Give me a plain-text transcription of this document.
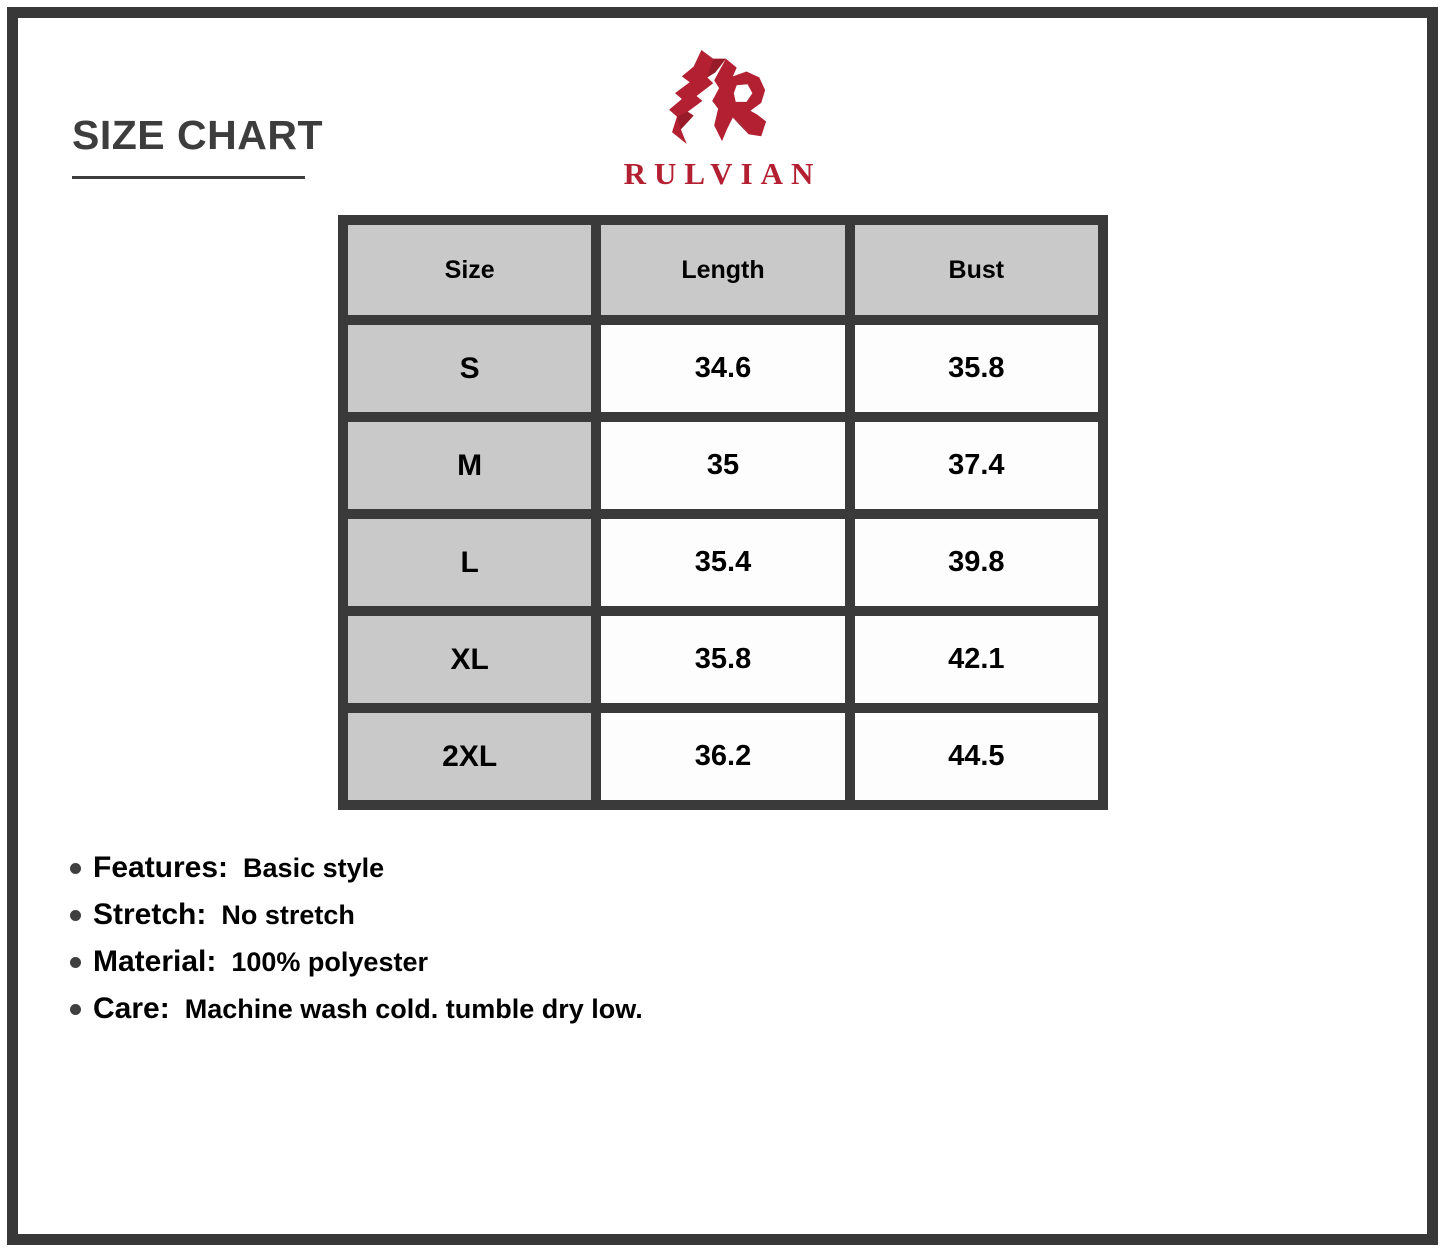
SIZE CHART
RULVIAN
Size	Length	Bust
S	34.6	35.8
M	35	37.4
L	35.4	39.8
XL	35.8	42.1
2XL	36.2	44.5
Features: Basic style
Stretch: No stretch
Material: 100% polyester
Care: Machine wash cold. tumble dry low.
